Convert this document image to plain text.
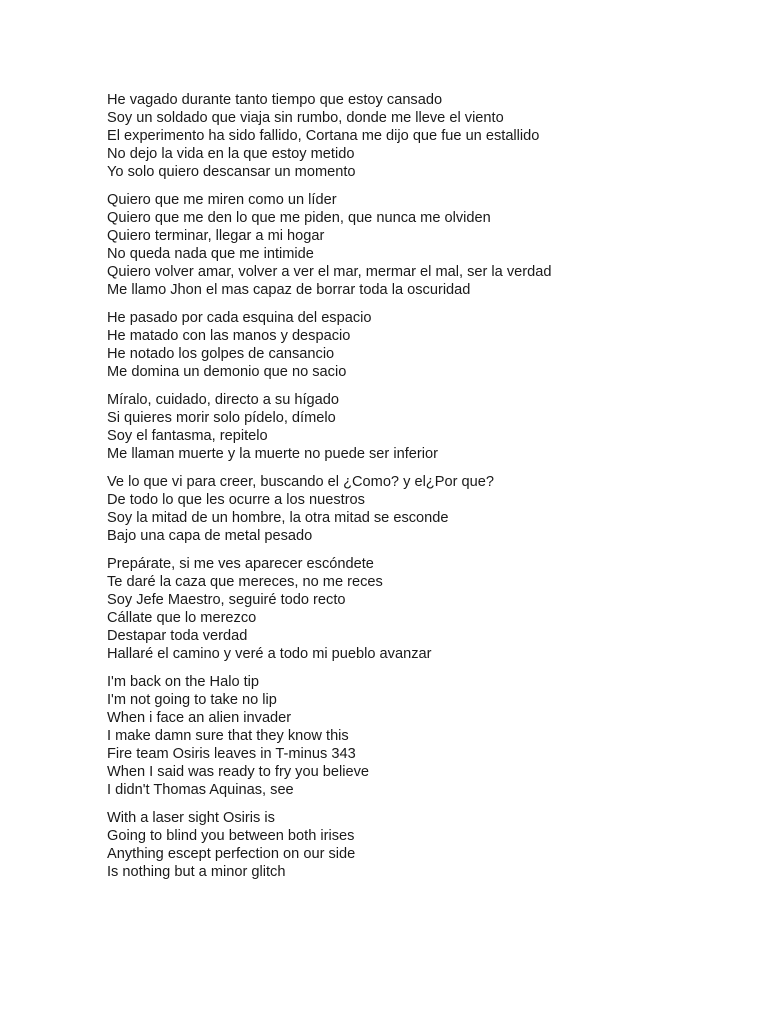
He vagado durante tanto tiempo que estoy cansado
Soy un soldado que viaja sin rumbo, donde me lleve el viento
El experimento ha sido fallido, Cortana me dijo que fue un estallido
No dejo la vida en la que estoy metido
Yo solo quiero descansar un momento
Quiero que me miren como un líder
Quiero que me den lo que me piden, que nunca me olviden
Quiero terminar, llegar a mi hogar
No queda nada que me intimide
Quiero volver amar, volver a ver el mar, mermar el mal, ser la verdad
Me llamo Jhon el mas capaz de borrar toda la oscuridad
He pasado por cada esquina del espacio
He matado con las manos y despacio
He notado los golpes de cansancio
Me domina un demonio que no sacio
Míralo, cuidado, directo a su hígado
Si quieres morir solo pídelo, dímelo
Soy el fantasma, repitelo
Me llaman muerte y la muerte no puede ser inferior
Ve lo que vi para creer, buscando el ¿Como? y el¿Por que?
De todo lo que les ocurre a los nuestros
Soy la mitad de un hombre, la otra mitad se esconde
Bajo una capa de metal pesado
Prepárate, si me ves aparecer escóndete
Te daré la caza que mereces, no me reces
Soy Jefe Maestro, seguiré todo recto
Cállate que lo merezco
Destapar toda verdad
Hallaré el camino y veré a todo mi pueblo avanzar
I'm back on the Halo tip
I'm not going to take no lip
When i face an alien invader
I make damn sure that they know this
Fire team Osiris leaves in T-minus 343
When I said was ready to fry you believe
I didn't Thomas Aquinas, see
With a laser sight Osiris is
Going to blind you between both irises
Anything escept perfection on our side
Is nothing but a minor glitch
